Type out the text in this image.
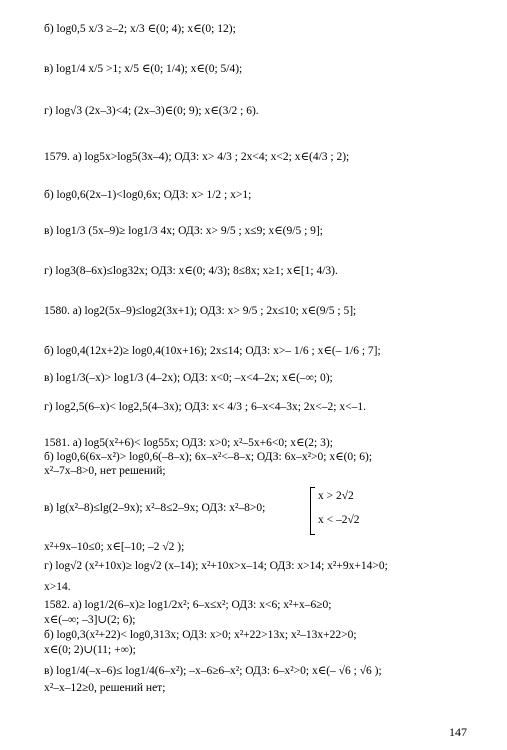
б) log0,5 x/3 ≥–2; x/3 ∈(0; 4); x∈(0; 12);
в) log1/4 x/5 >1; x/5 ∈(0; 1/4); x∈(0; 5/4);
г) log√3 (2x–3)<4; (2x–3)∈(0; 9); x∈(3/2 ; 6).
1579. а) log5x>log5(3x–4); ОДЗ: x> 4/3 ; 2x<4; x<2; x∈(4/3 ; 2);
б) log0,6(2x–1)<log0,6x; ОДЗ: x> 1/2 ; x>1;
в) log1/3 (5x–9)≥ log1/3 4x; ОДЗ: x> 9/5 ; x≤9; x∈(9/5 ; 9];
г) log3(8–6x)≤log32x; ОДЗ: x∈(0; 4/3); 8≤8x; x≥1; x∈[1; 4/3).
1580. а) log2(5x–9)≤log2(3x+1); ОДЗ: x> 9/5 ; 2x≤10; x∈(9/5 ; 5];
б) log0,4(12x+2)≥ log0,4(10x+16); 2x≤14; ОДЗ: x>– 1/6 ; x∈(– 1/6 ; 7];
в) log1/3(–x)> log1/3 (4–2x); ОДЗ: x<0; –x<4–2x; x∈(–∞; 0);
г) log2,5(6–x)< log2,5(4–3x); ОДЗ: x< 4/3 ; 6–x<4–3x; 2x<–2; x<–1.
1581. а) log5(x²+6)< log55x; ОДЗ: x>0; x²–5x+6<0; x∈(2; 3);
б) log0,6(6x–x²)> log0,6(–8–x); 6x–x²<–8–x; ОДЗ: 6x–x²>0; x∈(0; 6);
x²–7x–8>0, нет решений;
в) lg(x²–8)≤lg(2–9x); x²–8≤2–9x; ОДЗ: x²–8>0;
x > 2√2
x < –2√2
x²+9x–10≤0; x∈[–10; –2 √2 );
г) log√2 (x²+10x)≥ log√2 (x–14); x²+10x>x–14; ОДЗ: x>14; x²+9x+14>0;
x>14.
1582. а) log1/2(6–x)≥ log1/2x²; 6–x≤x²; ОДЗ: x<6; x²+x–6≥0;
x∈(–∞; –3]∪(2; 6);
б) log0,3(x²+22)< log0,313x; ОДЗ: x>0; x²+22>13x; x²–13x+22>0;
x∈(0; 2)∪(11; +∞);
в) log1/4(–x–6)≤ log1/4(6–x²); –x–6≥6–x²; ОДЗ: 6–x²>0; x∈(– √6 ; √6 );
x²–x–12≥0, решений нет;
147
